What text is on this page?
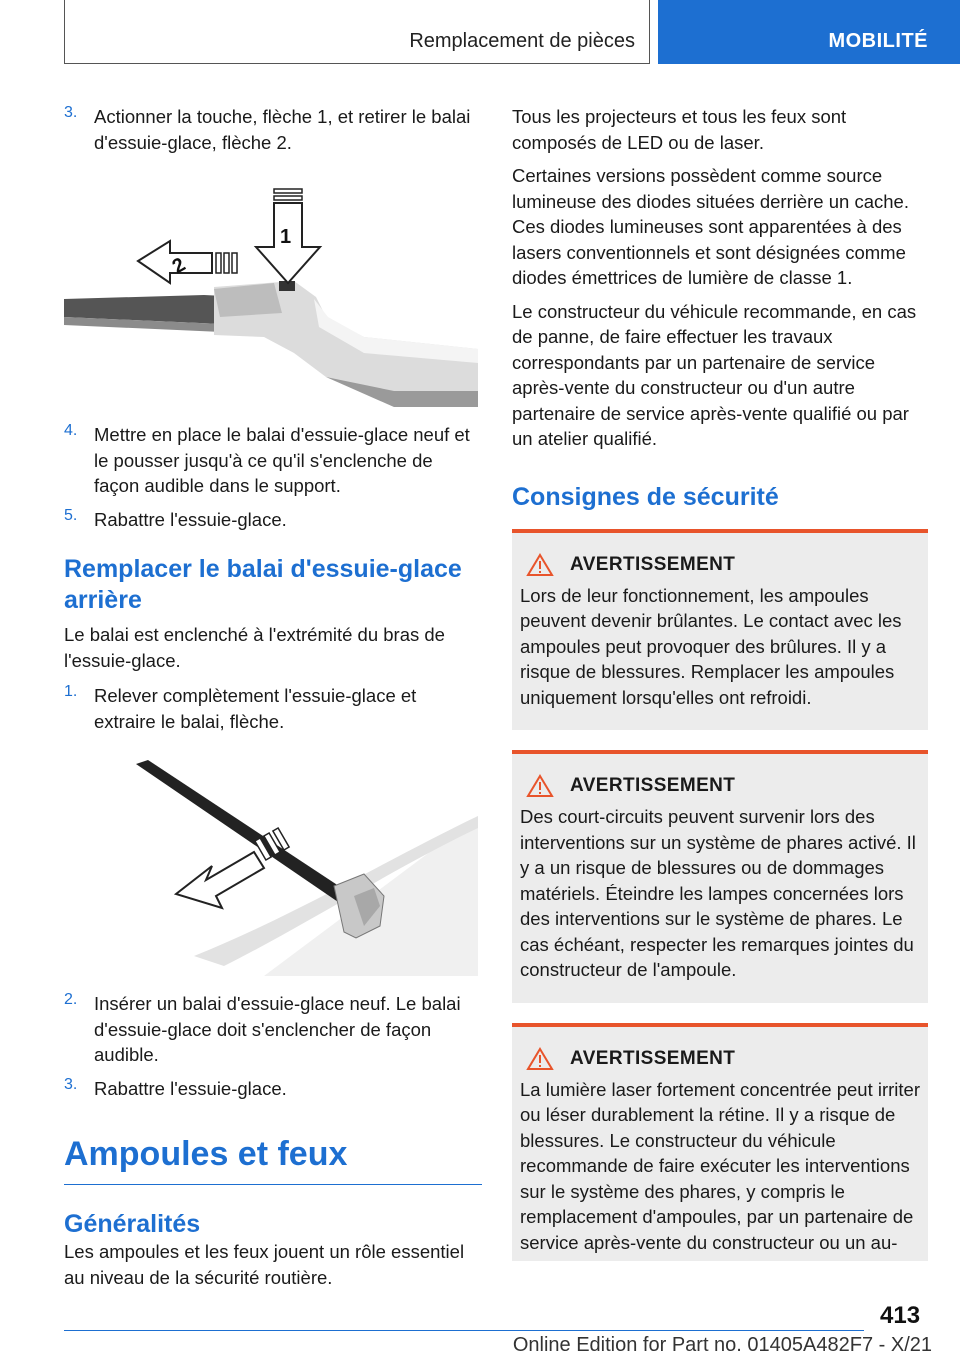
Remplacement de pièces	MOBILITÉ
3. Actionner la touche, flèche 1, et retirer le balai d'essuie-glace, flèche 2.

1
2
4. Mettre en place le balai d'essuie-glace neuf et le pousser jusqu'à ce qu'il s'enclenche de façon audible dans le support.

5. Rabattre l'essuie-glace.

Remplacer le balai d'essuie-glace arrière

Le balai est enclenché à l'extrémité du bras de l'essuie-glace.

1. Relever complètement l'essuie-glace et extraire le balai, flèche.

2. Insérer un balai d'essuie-glace neuf. Le balai d'essuie-glace doit s'enclencher de façon audible.

3. Rabattre l'essuie-glace.

Ampoules et feux
Généralités

Les ampoules et les feux jouent un rôle essentiel au niveau de la sécurité routière.

Tous les projecteurs et tous les feux sont composés de LED ou de laser.

Certaines versions possèdent comme source lumineuse des diodes situées derrière un cache. Ces diodes lumineuses sont apparentées à des lasers conventionnels et sont désignées comme diodes émettrices de lumière de classe 1.

Le constructeur du véhicule recommande, en cas de panne, de faire effectuer les travaux correspondants par un partenaire de service après-vente du constructeur ou d'un autre partenaire de service après-vente qualifié ou par un atelier qualifié.

Consignes de sécurité
AVERTISSEMENT

Lors de leur fonctionnement, les ampoules peuvent devenir brûlantes. Le contact avec les ampoules peut provoquer des brûlures. Il y a risque de blessures. Remplacer les ampoules uniquement lorsqu'elles ont refroidi.

AVERTISSEMENT

Des court-circuits peuvent survenir lors des interventions sur un système de phares activé. Il y a un risque de blessures ou de dommages matériels. Éteindre les lampes concernées lors des interventions sur le système de phares. Le cas échéant, respecter les remarques jointes du constructeur de l'ampoule.

AVERTISSEMENT

La lumière laser fortement concentrée peut irriter ou léser durablement la rétine. Il y a risque de blessures. Le constructeur du véhicule recommande de faire exécuter les interventions sur le système des phares, y compris le remplacement d'ampoules, par un partenaire de service après-vente du constructeur ou un au-

413
Online Edition for Part no. 01405A482F7 - X/21
